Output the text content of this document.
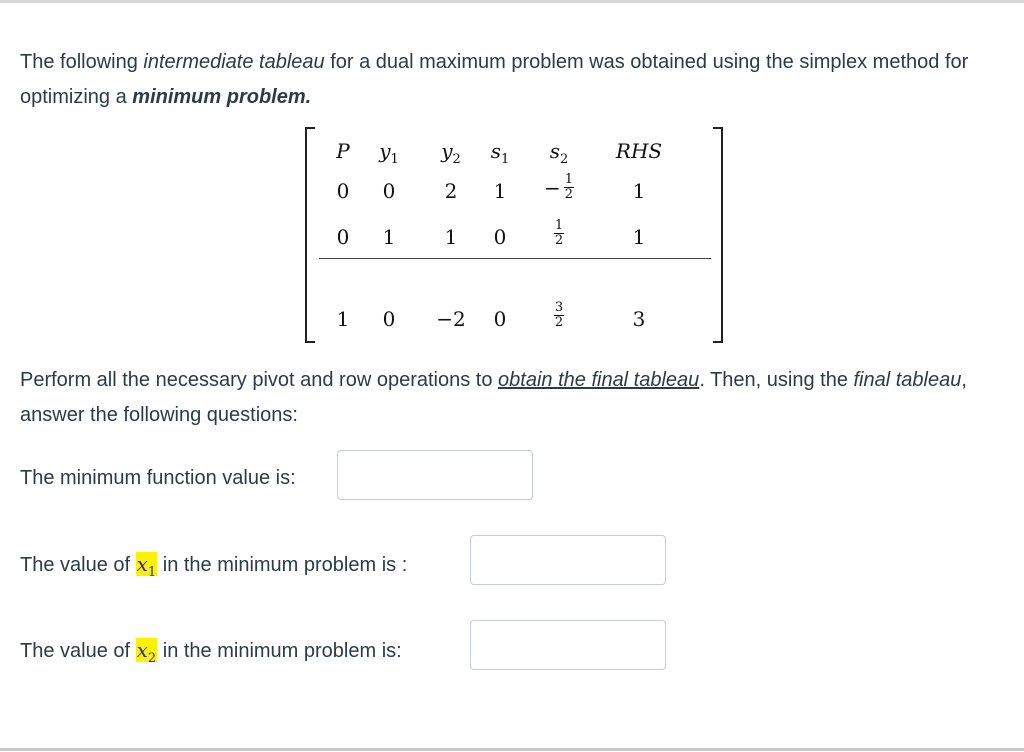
The following intermediate tableau for a dual maximum problem was obtained using the simplex method for optimizing a minimum problem.
P	$y_1$	$y_2$	$s_1$	$s_2$	RHS
0	0	2	1	− $\frac{1}{2}$	1
0	1	1	0	$\frac{1}{2}$	1
1	0	−2	0	$\frac{3}{2}$	3
Perform all the necessary pivot and row operations to obtain the final tableau. Then, using the final tableau, answer the following questions:
The minimum function value is:
The value of $x_1$ in the minimum problem is :
The value of $x_2$ in the minimum problem is:
